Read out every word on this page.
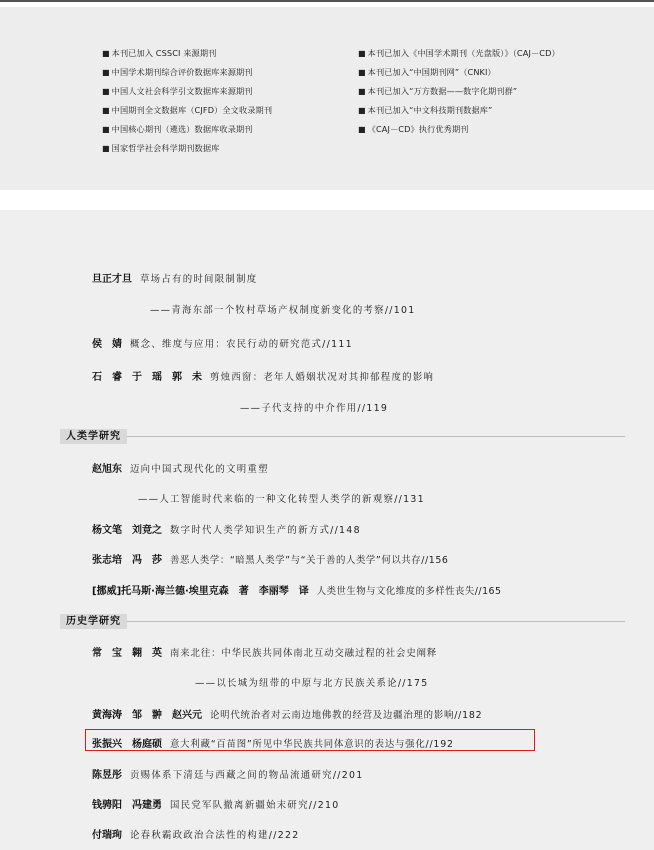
■ 本刊已加入 CSSCI 来源期刊
■ 中国学术期刊综合评价数据库来源期刊
■ 中国人文社会科学引文数据库来源期刊
■ 中国期刊全文数据库（CJFD）全文收录期刊
■ 中国核心期刊（遴选）数据库收录期刊
■ 国家哲学社会科学期刊数据库
■ 本刊已加入《中国学术期刊（光盘版）》（CAJ－CD）
■ 本刊已加入“中国期刊网”（CNKI）
■ 本刊已加入“万方数据——数字化期刊群”
■ 本刊已加入“中文科技期刊数据库”
■ 《CAJ－CD》执行优秀期刊
旦正才旦 草场占有的时间限制制度
——青海东部一个牧村草场产权制度新变化的考察//101
侯　婧 概念、维度与应用：农民行动的研究范式//111
石　睿　于　瑶　郭　未 剪烛西窗：老年人婚姻状况对其抑郁程度的影响
——子代支持的中介作用//119
人类学研究
赵旭东 迈向中国式现代化的文明重塑
——人工智能时代来临的一种文化转型人类学的新观察//131
杨文笔　刘竞之 数字时代人类学知识生产的新方式//148
张志培　冯　莎 善恶人类学：“暗黑人类学”与“关于善的人类学”何以共存//156
[挪威]托马斯·海兰德·埃里克森　著　李丽琴　译 人类世生物与文化维度的多样性丧失//165
历史学研究
常　宝　翱　英 南来北往：中华民族共同体南北互动交融过程的社会史阐释
——以长城为纽带的中原与北方民族关系论//175
黄海涛　邹　翀　赵兴元 论明代统治者对云南边地佛教的经营及边疆治理的影响//182
张振兴　杨庭硕 意大利藏“百苗图”所见中华民族共同体意识的表达与强化//192
陈昱彤 贡赐体系下清廷与西藏之间的物品流通研究//201
钱骋阳　冯建勇 国民党军队撤离新疆始末研究//210
付瑞珣 论春秋霸政政治合法性的构建//222
